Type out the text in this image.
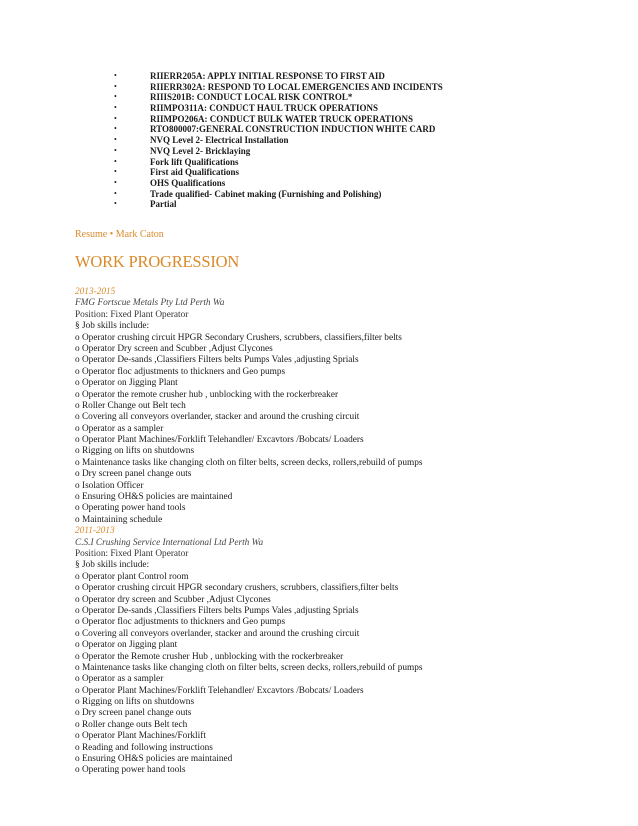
•	RIIERR205A: APPLY INITIAL RESPONSE TO FIRST AID
•	RIIERR302A: RESPOND TO LOCAL EMERGENCIES AND INCIDENTS
•	RIIIS201B: CONDUCT LOCAL RISK CONTROL*
•	RIIMPO311A: CONDUCT HAUL TRUCK OPERATIONS
•	RIIMPO206A: CONDUCT BULK WATER TRUCK OPERATIONS
•	RTO800007:GENERAL CONSTRUCTION INDUCTION WHITE CARD
•	NVQ Level 2- Electrical Installation
•	NVQ Level 2- Bricklaying
•	Fork lift Qualifications
•	First aid Qualifications
•	OHS Qualifications
•	Trade qualified- Cabinet making (Furnishing and Polishing)
•	Partial
Resume • Mark Caton
WORK PROGRESSION
2013-2015
FMG Fortscue Metals Pty Ltd Perth Wa
Position: Fixed Plant Operator
§ Job skills include:
o Operator crushing circuit HPGR Secondary Crushers, scrubbers, classifiers,filter belts
o Operator Dry screen and Scubber ,Adjust Clycones
o Operator De-sands ,Classifiers Filters belts Pumps Vales ,adjusting Sprials
o Operator floc adjustments to thickners and Geo pumps
o Operator on Jigging Plant
o Operator the remote crusher hub , unblocking with the rockerbreaker
o Roller Change out Belt tech
o Covering all conveyors overlander, stacker and around the crushing circuit
o Operator as a sampler
o Operator Plant Machines/Forklift Telehandler/ Excavtors /Bobcats/ Loaders
o Rigging on lifts on shutdowns
o Maintenance tasks like changing cloth on filter belts, screen decks, rollers,rebuild of pumps
o Dry screen panel change outs
o Isolation Officer
o Ensuring OH&S policies are maintained
o Operating power hand tools
o Maintaining schedule
2011-2013
C.S.I Crushing Service International Ltd Perth Wa
Position: Fixed Plant Operator
§ Job skills include:
o Operator plant Control room
o Operator crushing circuit HPGR secondary crushers, scrubbers, classifiers,filter belts
o Operator dry screen and Scubber ,Adjust Clycones
o Operator De-sands ,Classifiers Filters belts Pumps Vales ,adjusting Sprials
o Operator floc adjustments to thickners and Geo pumps
o Covering all conveyors overlander, stacker and around the crushing circuit
o Operator on Jigging plant
o Operator the Remote crusher Hub , unblocking with the rockerbreaker
o Maintenance tasks like changing cloth on filter belts, screen decks, rollers,rebuild of pumps
o Operator as a sampler
o Operator Plant Machines/Forklift Telehandler/ Excavtors /Bobcats/ Loaders
o Rigging on lifts on shutdowns
o Dry screen panel change outs
o Roller change outs Belt tech
o Operator Plant Machines/Forklift
o Reading and following instructions
o Ensuring OH&S policies are maintained
o Operating power hand tools
